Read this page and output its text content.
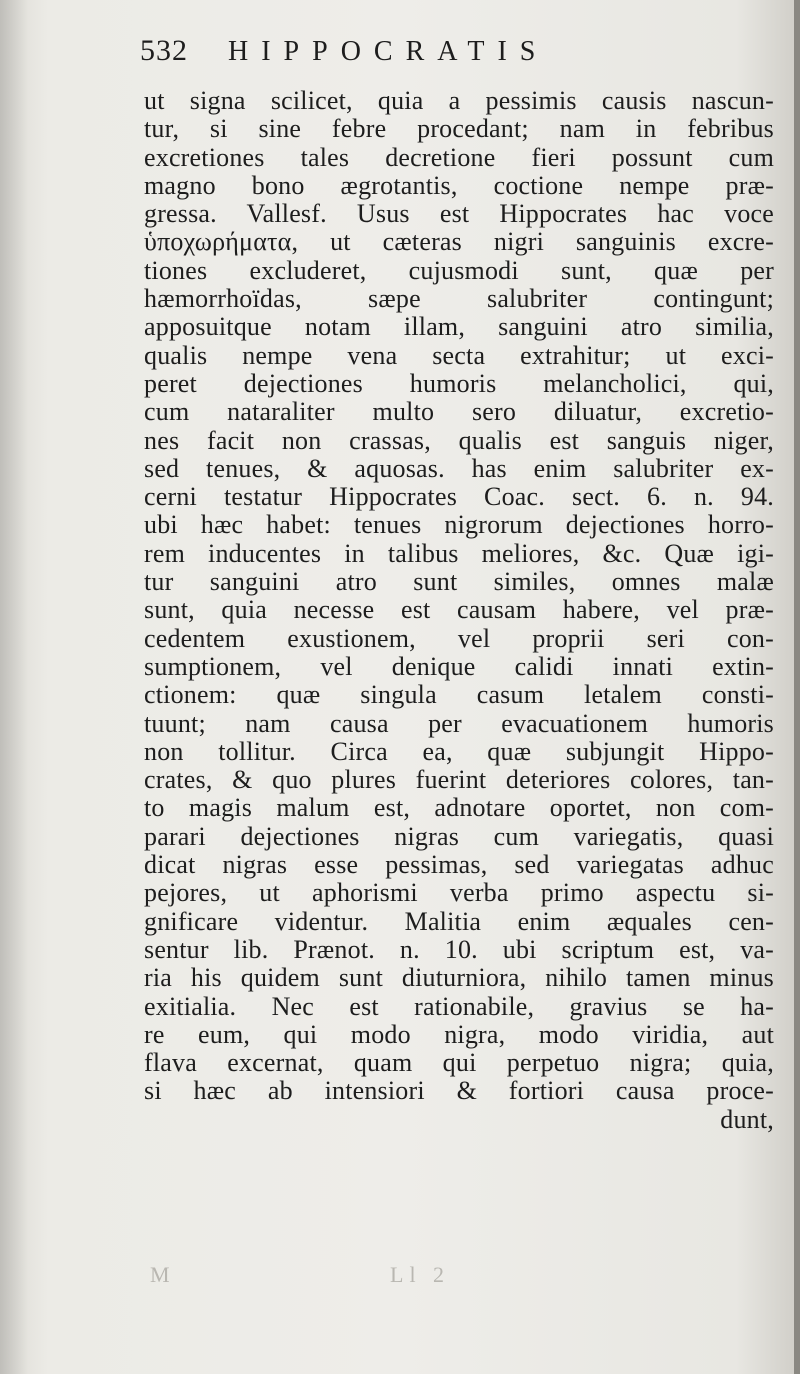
532 HIPPOCRATIS
ut signa scilicet, quia a pessimis causis nascun-
tur, si sine febre procedant; nam in febribus
excretiones tales decretione fieri possunt cum
magno bono ægrotantis, coctione nempe præ-
gressa. Vallesf. Usus est Hippocrates hac voce
ὑποχωρήματα, ut cæteras nigri sanguinis excre-
tiones excluderet, cujusmodi sunt, quæ per
hæmorrhoïdas, sæpe salubriter contingunt;
apposuitque notam illam, sanguini atro similia,
qualis nempe vena secta extrahitur; ut exci-
peret dejectiones humoris melancholici, qui,
cum nataraliter multo sero diluatur, excretio-
nes facit non crassas, qualis est sanguis niger,
sed tenues, & aquosas. has enim salubriter ex-
cerni testatur Hippocrates Coac. sect. 6. n. 94.
ubi hæc habet: tenues nigrorum dejectiones horro-
rem inducentes in talibus meliores, &c. Quæ igi-
tur sanguini atro sunt similes, omnes malæ
sunt, quia necesse est causam habere, vel præ-
cedentem exustionem, vel proprii seri con-
sumptionem, vel denique calidi innati extin-
ctionem: quæ singula casum letalem consti-
tuunt; nam causa per evacuationem humoris
non tollitur. Circa ea, quæ subjungit Hippo-
crates, & quo plures fuerint deteriores colores, tan-
to magis malum est, adnotare oportet, non com-
parari dejectiones nigras cum variegatis, quasi
dicat nigras esse pessimas, sed variegatas adhuc
pejores, ut aphorismi verba primo aspectu si-
gnificare videntur. Malitia enim æquales cen-
sentur lib. Prænot. n. 10. ubi scriptum est, va-
ria his quidem sunt diuturniora, nihilo tamen minus
exitialia. Nec est rationabile, gravius se ha-
re eum, qui modo nigra, modo viridia, aut
flava excernat, quam qui perpetuo nigra; quia,
si hæc ab intensiori & fortiori causa proce-
dunt,
M	Ll 2
